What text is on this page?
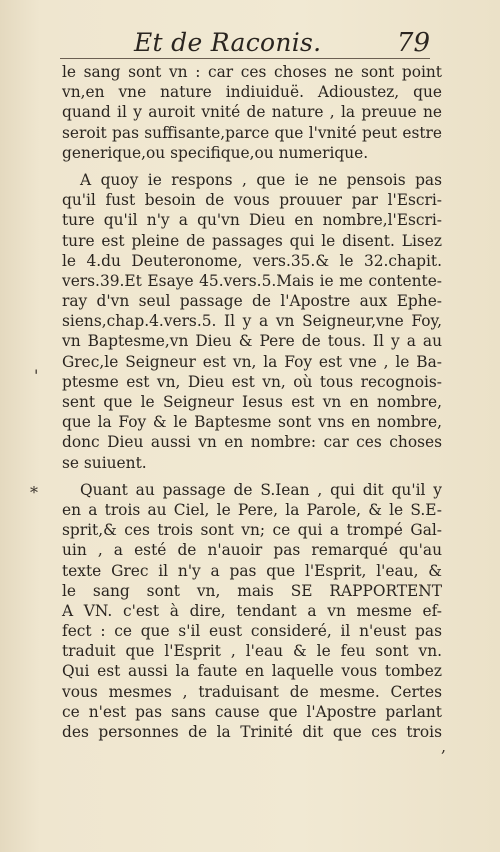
Et de Raconis.	79
le sang sont vn : car ces choses ne sont point
vn,en vne nature indiuiduë. Adioustez, que
quand il y auroit vnité de nature , la preuue ne
seroit pas suffisante,parce que l'vnité peut estre
generique,ou specifique,ou numerique.
A quoy ie respons , que ie ne pensois pas
qu'il fust besoin de vous prouuer par l'Escri-
ture qu'il n'y a qu'vn Dieu en nombre,l'Escri-
ture est pleine de passages qui le disent. Lisez
le 4.du Deuteronome, vers.35.& le 32.chapit.
vers.39.Et Esaye 45.vers.5.Mais ie me contente-
ray d'vn seul passage de l'Apostre aux Ephe-
siens,chap.4.vers.5. Il y a vn Seigneur,vne Foy,
vn Baptesme,vn Dieu & Pere de tous. Il y a au
Grec,le Seigneur est vn, la Foy est vne , le Ba-
ptesme est vn, Dieu est vn, où tous recognois-
sent que le Seigneur Iesus est vn en nombre,
que la Foy & le Baptesme sont vns en nombre,
donc Dieu aussi vn en nombre: car ces choses
se suiuent.
Quant au passage de S.Iean , qui dit qu'il y
en a trois au Ciel, le Pere, la Parole, & le S.E-
sprit,& ces trois sont vn; ce qui a trompé Gal-
uin , a esté de n'auoir pas remarqué qu'au
texte Grec il n'y a pas que l'Esprit, l'eau, &
le sang sont vn, mais SE RAPPORTENT
A VN. c'est à dire, tendant a vn mesme ef-
fect : ce que s'il eust consideré, il n'eust pas
traduit que l'Esprit , l'eau & le feu sont vn.
Qui est aussi la faute en laquelle vous tombez
vous mesmes , traduisant de mesme. Certes
ce n'est pas sans cause que l'Apostre parlant
des personnes de la Trinité dit que ces trois
'
*
,
